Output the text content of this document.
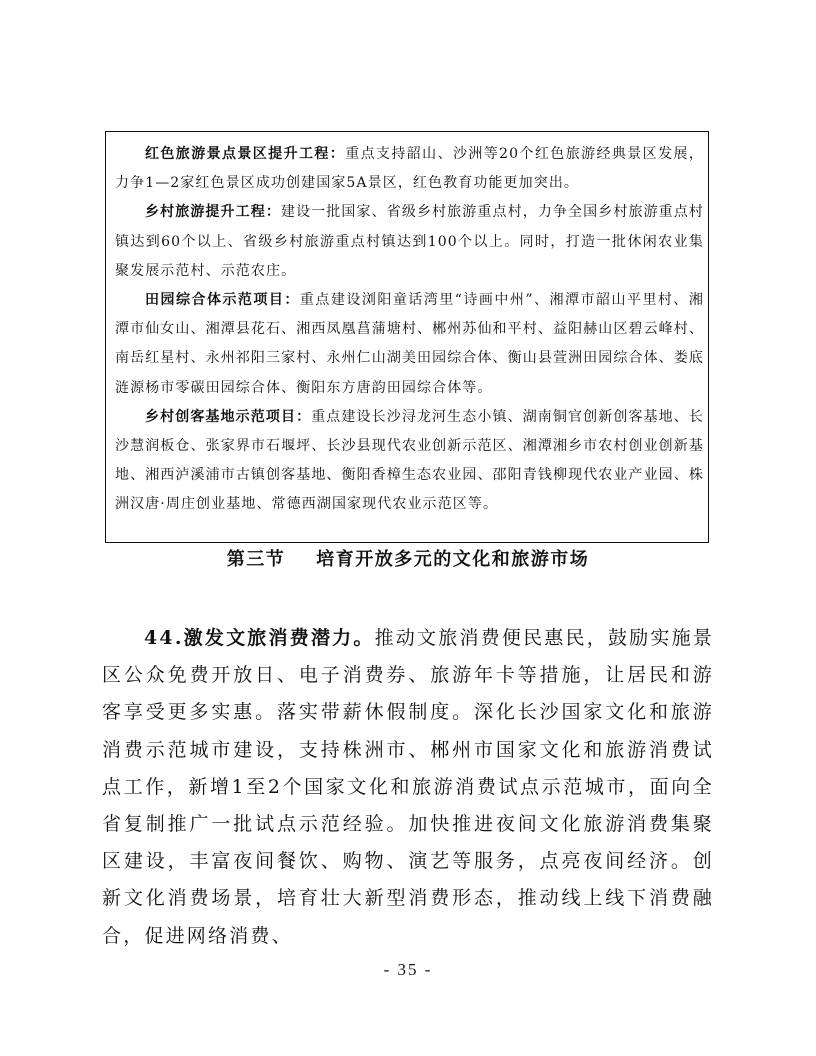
红色旅游景点景区提升工程：重点支持韶山、沙洲等20个红色旅游经典景区发展，力争1—2家红色景区成功创建国家5A景区，红色教育功能更加突出。

乡村旅游提升工程：建设一批国家、省级乡村旅游重点村，力争全国乡村旅游重点村镇达到60个以上、省级乡村旅游重点村镇达到100个以上。同时，打造一批休闲农业集聚发展示范村、示范农庄。

田园综合体示范项目：重点建设浏阳童话湾里“诗画中州”、湘潭市韶山平里村、湘潭市仙女山、湘潭县花石、湘西凤凰菖蒲塘村、郴州苏仙和平村、益阳赫山区碧云峰村、南岳红星村、永州祁阳三家村、永州仁山湖美田园综合体、衡山县萱洲田园综合体、娄底涟源杨市零碳田园综合体、衡阳东方唐韵田园综合体等。

乡村创客基地示范项目：重点建设长沙浔龙河生态小镇、湖南铜官创新创客基地、长沙慧润板仓、张家界市石堰坪、长沙县现代农业创新示范区、湘潭湘乡市农村创业创新基地、湘西泸溪浦市古镇创客基地、衡阳香樟生态农业园、邵阳青钱柳现代农业产业园、株洲汉唐·周庄创业基地、常德西湖国家现代农业示范区等。

第三节    培育开放多元的文化和旅游市场

44.激发文旅消费潜力。推动文旅消费便民惠民，鼓励实施景区公众免费开放日、电子消费券、旅游年卡等措施，让居民和游客享受更多实惠。落实带薪休假制度。深化长沙国家文化和旅游消费示范城市建设，支持株洲市、郴州市国家文化和旅游消费试点工作，新增1至2个国家文化和旅游消费试点示范城市，面向全省复制推广一批试点示范经验。加快推进夜间文化旅游消费集聚区建设，丰富夜间餐饮、购物、演艺等服务，点亮夜间经济。创新文化消费场景，培育壮大新型消费形态，推动线上线下消费融合，促进网络消费、

- 35 -
